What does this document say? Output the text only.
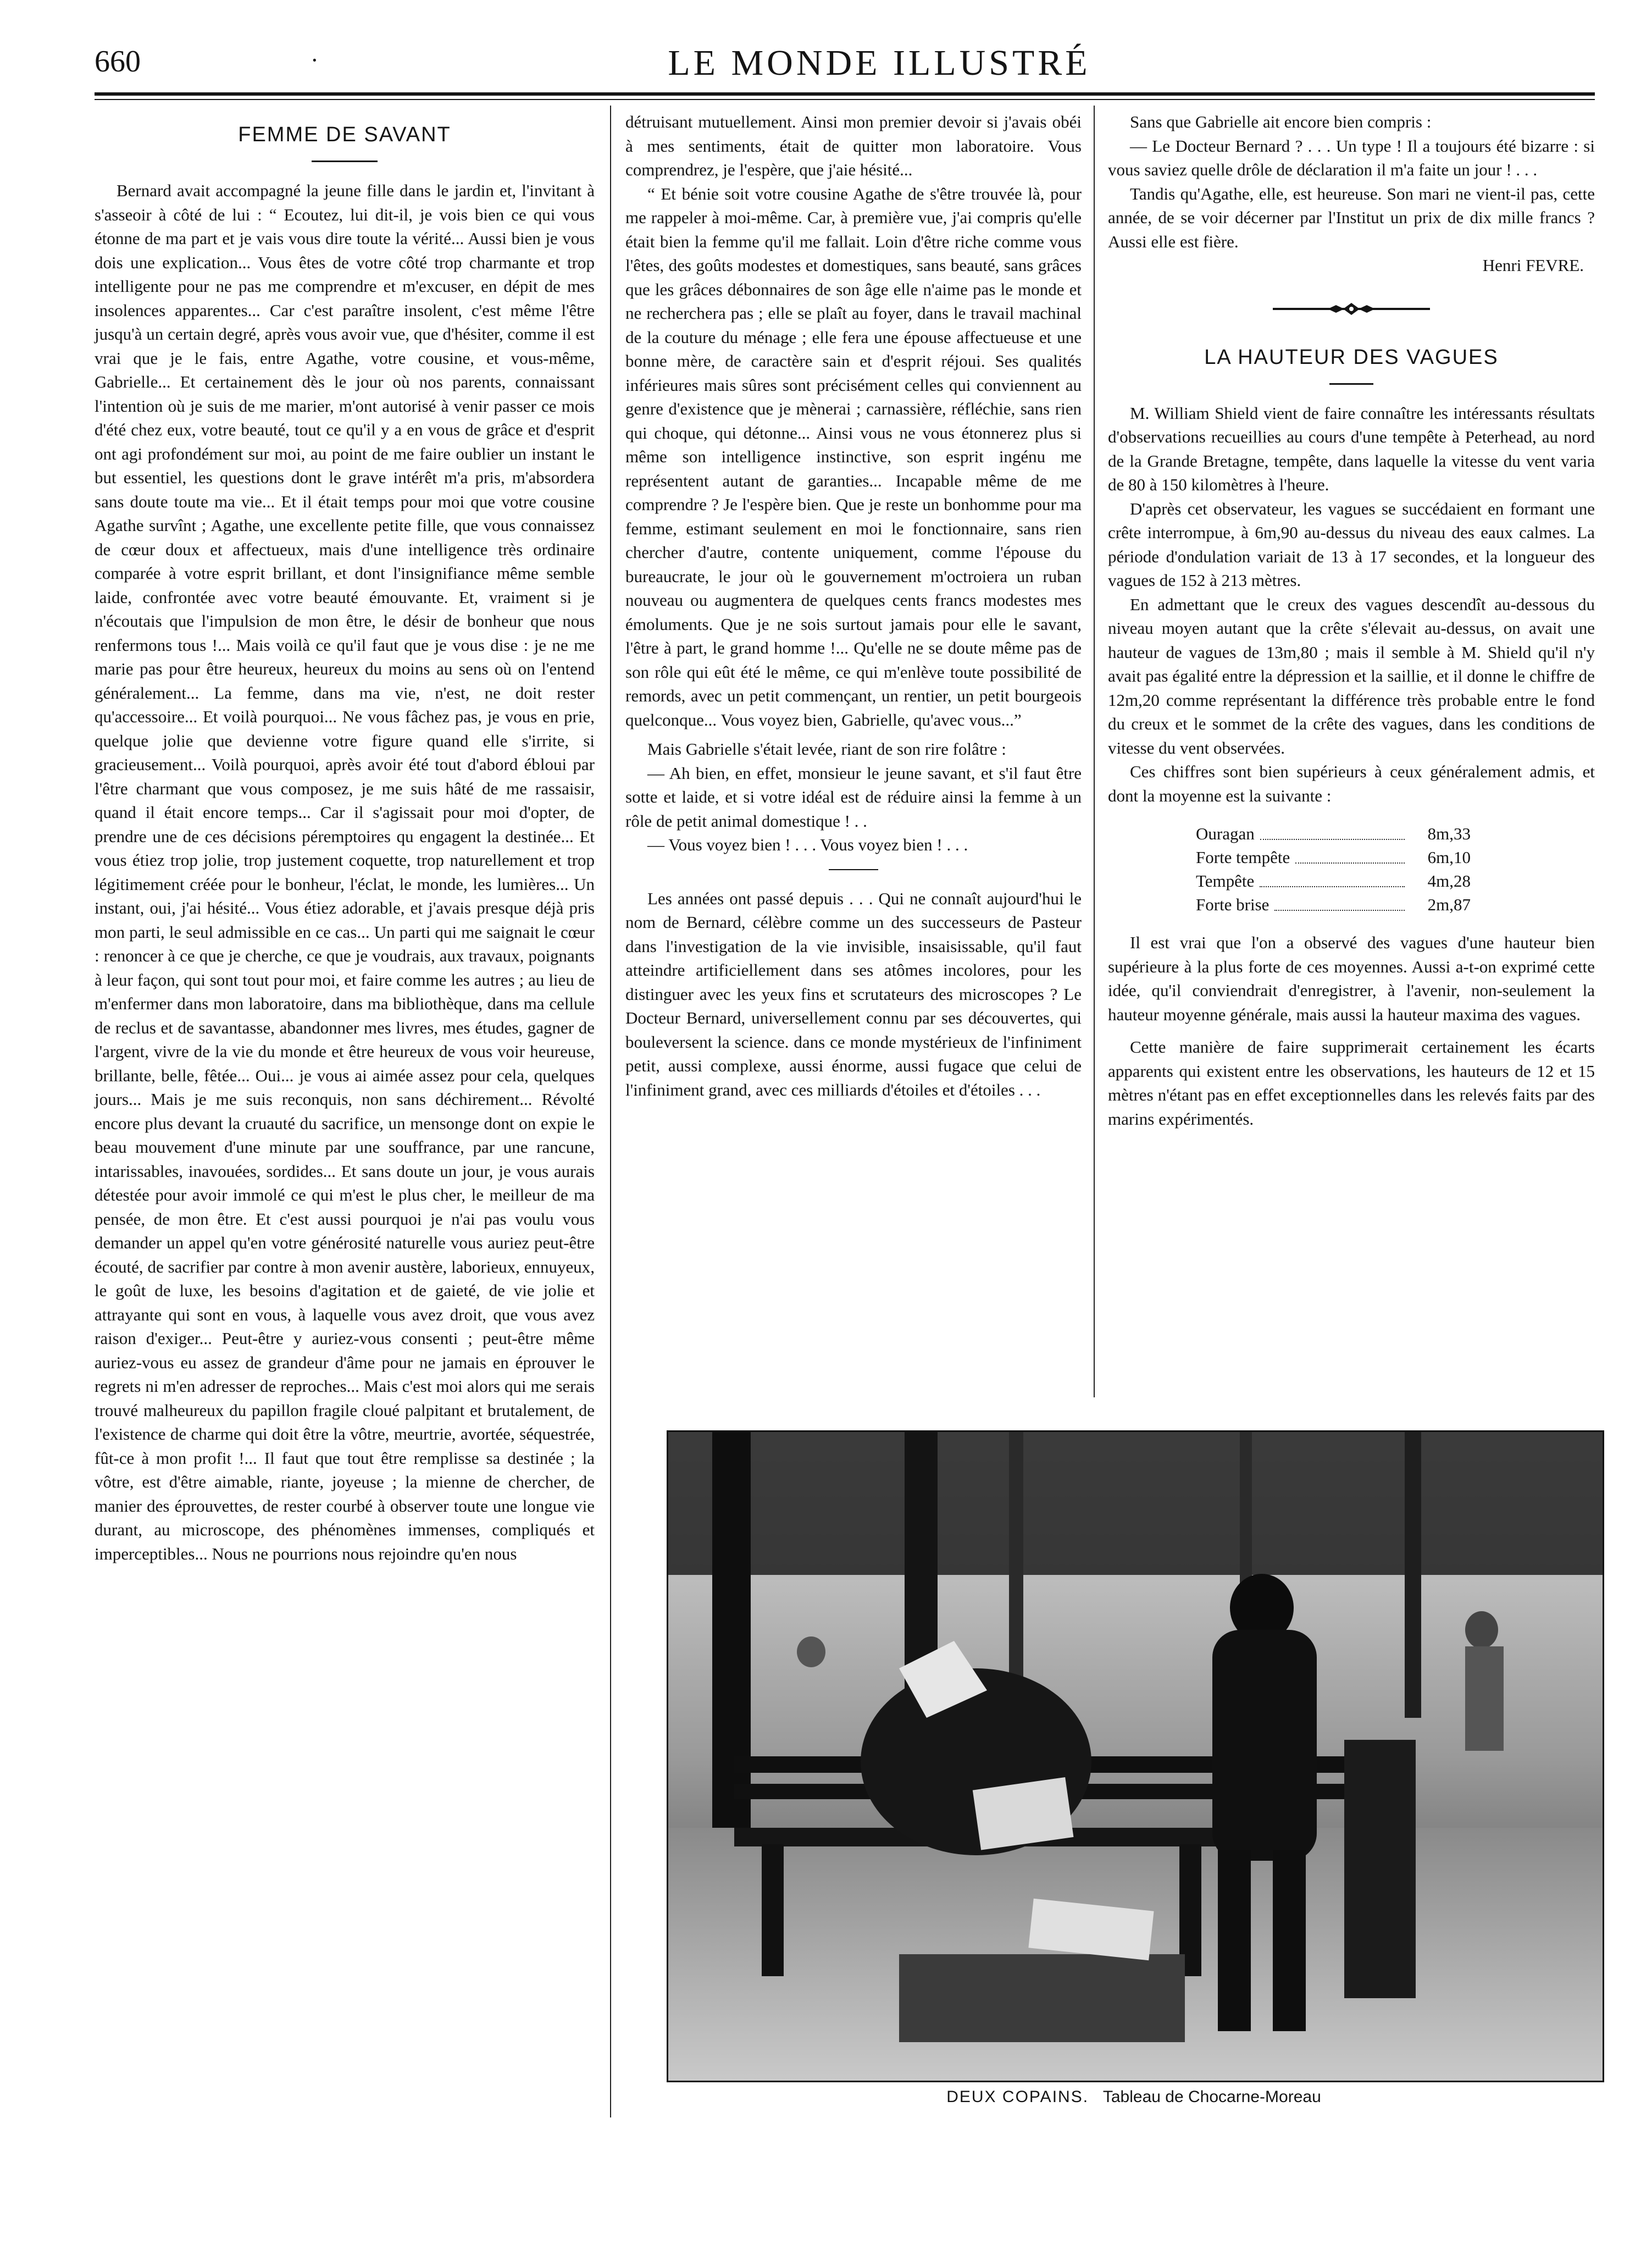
660	·	LE MONDE ILLUSTRÉ
FEMME DE SAVANT

Bernard avait accompagné la jeune fille dans le jardin et, l'invitant à s'asseoir à côté de lui : “ Ecoutez, lui dit-il, je vois bien ce qui vous étonne de ma part et je vais vous dire toute la vérité... Aussi bien je vous dois une explication... Vous êtes de votre côté trop charmante et trop intelligente pour ne pas me comprendre et m'excuser, en dépit de mes insolences apparentes... Car c'est paraître insolent, c'est même l'être jusqu'à un certain degré, après vous avoir vue, que d'hésiter, comme il est vrai que je le fais, entre Agathe, votre cousine, et vous-même, Gabrielle... Et certainement dès le jour où nos parents, connaissant l'intention où je suis de me marier, m'ont autorisé à venir passer ce mois d'été chez eux, votre beauté, tout ce qu'il y a en vous de grâce et d'esprit ont agi profondément sur moi, au point de me faire oublier un instant le but essentiel, les questions dont le grave intérêt m'a pris, m'absordera sans doute toute ma vie... Et il était temps pour moi que votre cousine Agathe survînt ; Agathe, une excellente petite fille, que vous connaissez de cœur doux et affectueux, mais d'une intelligence très ordinaire comparée à votre esprit brillant, et dont l'insignifiance même semble laide, confrontée avec votre beauté émouvante. Et, vraiment si je n'écoutais que l'impulsion de mon être, le désir de bonheur que nous renfermons tous !... Mais voilà ce qu'il faut que je vous dise : je ne me marie pas pour être heureux, heureux du moins au sens où on l'entend généralement... La femme, dans ma vie, n'est, ne doit rester qu'accessoire... Et voilà pourquoi... Ne vous fâchez pas, je vous en prie, quelque jolie que devienne votre figure quand elle s'irrite, si gracieusement... Voilà pourquoi, après avoir été tout d'abord ébloui par l'être charmant que vous composez, je me suis hâté de me rassaisir, quand il était encore temps... Car il s'agissait pour moi d'opter, de prendre une de ces décisions péremptoires qu engagent la destinée... Et vous étiez trop jolie, trop justement coquette, trop naturellement et trop légitimement créée pour le bonheur, l'éclat, le monde, les lumières... Un instant, oui, j'ai hésité... Vous étiez adorable, et j'avais presque déjà pris mon parti, le seul admissible en ce cas... Un parti qui me saignait le cœur : renoncer à ce que je cherche, ce que je voudrais, aux travaux, poignants à leur façon, qui sont tout pour moi, et faire comme les autres ; au lieu de m'enfermer dans mon laboratoire, dans ma bibliothèque, dans ma cellule de reclus et de savantasse, abandonner mes livres, mes études, gagner de l'argent, vivre de la vie du monde et être heureux de vous voir heureuse, brillante, belle, fêtée... Oui... je vous ai aimée assez pour cela, quelques jours... Mais je me suis reconquis, non sans déchirement... Révolté encore plus devant la cruauté du sacrifice, un mensonge dont on expie le beau mouvement d'une minute par une souffrance, par une rancune, intarissables, inavouées, sordides... Et sans doute un jour, je vous aurais détestée pour avoir immolé ce qui m'est le plus cher, le meilleur de ma pensée, de mon être. Et c'est aussi pourquoi je n'ai pas voulu vous demander un appel qu'en votre générosité naturelle vous auriez peut-être écouté, de sacrifier par contre à mon avenir austère, laborieux, ennuyeux, le goût de luxe, les besoins d'agitation et de gaieté, de vie jolie et attrayante qui sont en vous, à laquelle vous avez droit, que vous avez raison d'exiger... Peut-être y auriez-vous consenti ; peut-être même auriez-vous eu assez de grandeur d'âme pour ne jamais en éprouver le regrets ni m'en adresser de reproches... Mais c'est moi alors qui me serais trouvé malheureux du papillon fragile cloué palpitant et brutalement, de l'existence de charme qui doit être la vôtre, meurtrie, avortée, séquestrée, fût-ce à mon profit !... Il faut que tout être remplisse sa destinée ; la vôtre, est d'être aimable, riante, joyeuse ; la mienne de chercher, de manier des éprouvettes, de rester courbé à observer toute une longue vie durant, au microscope, des phénomènes immenses, compliqués et imperceptibles... Nous ne pourrions nous rejoindre qu'en nous

détruisant mutuellement. Ainsi mon premier devoir si j'avais obéi à mes sentiments, était de quitter mon laboratoire. Vous comprendrez, je l'espère, que j'aie hésité...

“ Et bénie soit votre cousine Agathe de s'être trouvée là, pour me rappeler à moi-même. Car, à première vue, j'ai compris qu'elle était bien la femme qu'il me fallait. Loin d'être riche comme vous l'êtes, des goûts modestes et domestiques, sans beauté, sans grâces que les grâces débonnaires de son âge elle n'aime pas le monde et ne recherchera pas ; elle se plaît au foyer, dans le travail machinal de la couture du ménage ; elle fera une épouse affectueuse et une bonne mère, de caractère sain et d'esprit réjoui. Ses qualités inférieures mais sûres sont précisément celles qui conviennent au genre d'existence que je mènerai ; carnassière, réfléchie, sans rien qui choque, qui détonne... Ainsi vous ne vous étonnerez plus si même son intelligence instinctive, son esprit ingénu me représentent autant de garanties... Incapable même de me comprendre ? Je l'espère bien. Que je reste un bonhomme pour ma femme, estimant seulement en moi le fonctionnaire, sans rien chercher d'autre, contente uniquement, comme l'épouse du bureaucrate, le jour où le gouvernement m'octroiera un ruban nouveau ou augmentera de quelques cents francs modestes mes émoluments. Que je ne sois surtout jamais pour elle le savant, l'être à part, le grand homme !... Qu'elle ne se doute même pas de son rôle qui eût été le même, ce qui m'enlève toute possibilité de remords, avec un petit commençant, un rentier, un petit bourgeois quelconque... Vous voyez bien, Gabrielle, qu'avec vous...”

Mais Gabrielle s'était levée, riant de son rire folâtre :

— Ah bien, en effet, monsieur le jeune savant, et s'il faut être sotte et laide, et si votre idéal est de réduire ainsi la femme à un rôle de petit animal domestique ! . .

— Vous voyez bien ! . . . Vous voyez bien ! . . .

Les années ont passé depuis . . . Qui ne connaît aujourd'hui le nom de Bernard, célèbre comme un des successeurs de Pasteur dans l'investigation de la vie invisible, insaisissable, qu'il faut atteindre artificiellement dans ses atômes incolores, pour les distinguer avec les yeux fins et scrutateurs des microscopes ? Le Docteur Bernard, universellement connu par ses découvertes, qui bouleversent la science. dans ce monde mystérieux de l'infiniment petit, aussi complexe, aussi énorme, aussi fugace que celui de l'infiniment grand, avec ces milliards d'étoiles et d'étoiles . . .

Sans que Gabrielle ait encore bien compris :

— Le Docteur Bernard ? . . . Un type ! Il a toujours été bizarre : si vous saviez quelle drôle de déclaration il m'a faite un jour ! . . .

Tandis qu'Agathe, elle, est heureuse. Son mari ne vient-il pas, cette année, de se voir décerner par l'Institut un prix de dix mille francs ? Aussi elle est fière.

Henri FEVRE.
LA HAUTEUR DES VAGUES

M. William Shield vient de faire connaître les intéressants résultats d'observations recueillies au cours d'une tempête à Peterhead, au nord de la Grande Bretagne, tempête, dans laquelle la vitesse du vent varia de 80 à 150 kilomètres à l'heure.

D'après cet observateur, les vagues se succédaient en formant une crête interrompue, à 6m,90 au-dessus du niveau des eaux calmes. La période d'ondulation variait de 13 à 17 secondes, et la longueur des vagues de 152 à 213 mètres.

En admettant que le creux des vagues descendît au-dessous du niveau moyen autant que la crête s'élevait au-dessus, on avait une hauteur de vagues de 13m,80 ; mais il semble à M. Shield qu'il n'y avait pas égalité entre la dépression et la saillie, et il donne le chiffre de 12m,20 comme représentant la différence très probable entre le fond du creux et le sommet de la crête des vagues, dans les conditions de vitesse du vent observées.

Ces chiffres sont bien supérieurs à ceux généralement admis, et dont la moyenne est la suivante :

Ouragan	8m,33
Forte tempête	6m,10
Tempête	4m,28
Forte brise	2m,87

Il est vrai que l'on a observé des vagues d'une hauteur bien supérieure à la plus forte de ces moyennes. Aussi a-t-on exprimé cette idée, qu'il conviendrait d'enregistrer, à l'avenir, non-seulement la hauteur moyenne générale, mais aussi la hauteur maxima des vagues.

Cette manière de faire supprimerait certainement les écarts apparents qui existent entre les observations, les hauteurs de 12 et 15 mètres n'étant pas en effet exceptionnelles dans les relevés faits par des marins expérimentés.

DEUX COPAINS. Tableau de Chocarne-Moreau
